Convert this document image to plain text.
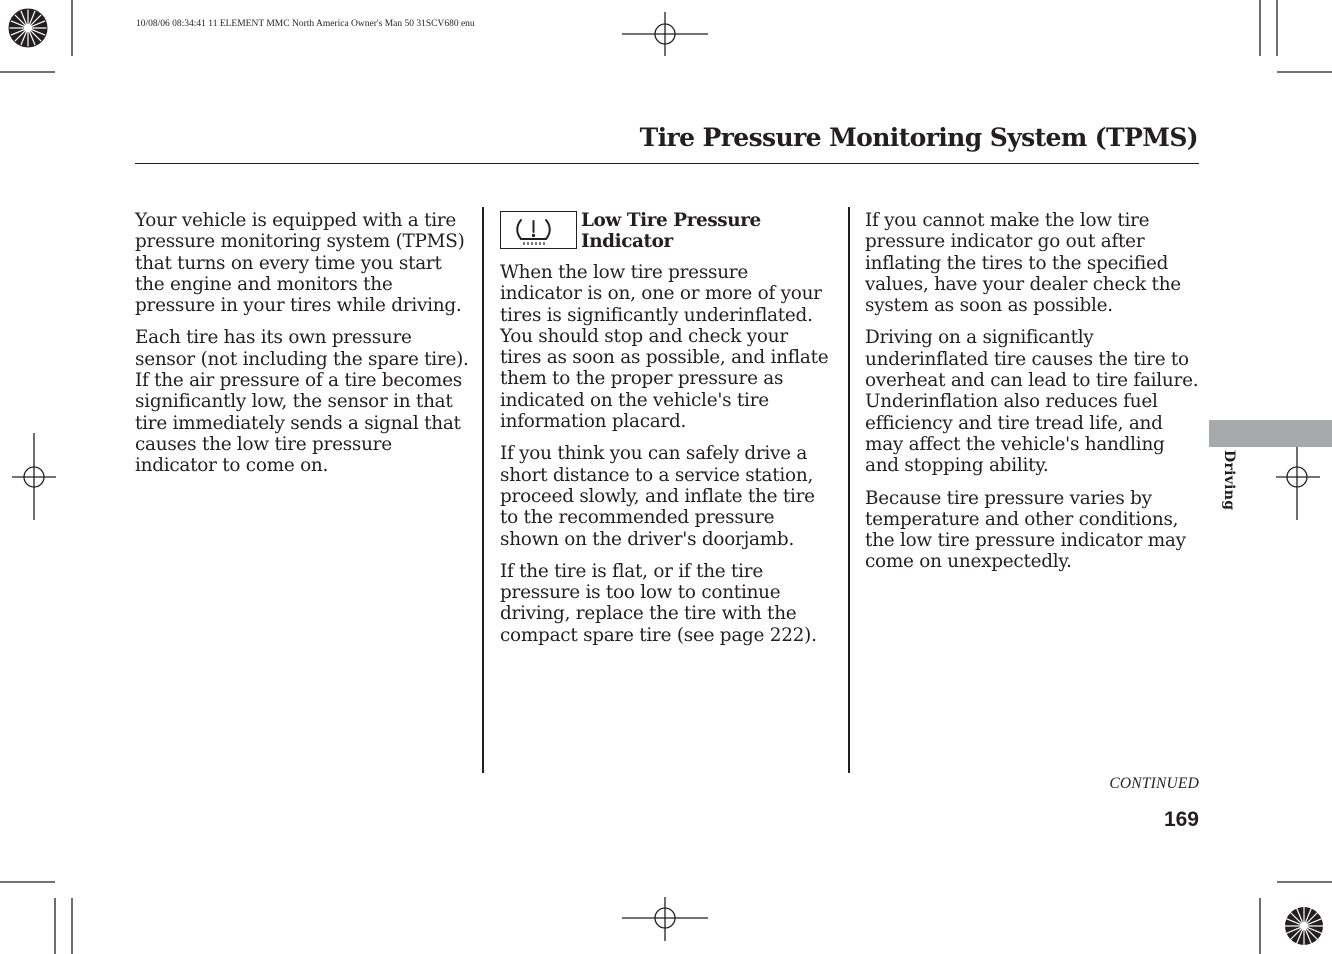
10/08/06 08:34:41 11 ELEMENT MMC North America Owner's Man 50 31SCV680 enu
Tire Pressure Monitoring System (TPMS)

Your vehicle is equipped with a tire pressure monitoring system (TPMS) that turns on every time you start the engine and monitors the pressure in your tires while driving.

Each tire has its own pressure sensor (not including the spare tire). If the air pressure of a tire becomes significantly low, the sensor in that tire immediately sends a signal that causes the low tire pressure indicator to come on.

Low Tire Pressure Indicator

When the low tire pressure indicator is on, one or more of your tires is significantly underinflated. You should stop and check your tires as soon as possible, and inflate them to the proper pressure as indicated on the vehicle's tire information placard.

If you think you can safely drive a short distance to a service station, proceed slowly, and inflate the tire to the recommended pressure shown on the driver's doorjamb.

If the tire is flat, or if the tire pressure is too low to continue driving, replace the tire with the compact spare tire (see page 222).

If you cannot make the low tire pressure indicator go out after inflating the tires to the specified values, have your dealer check the system as soon as possible.

Driving on a significantly underinflated tire causes the tire to overheat and can lead to tire failure. Underinflation also reduces fuel efficiency and tire tread life, and may affect the vehicle's handling and stopping ability.

Because tire pressure varies by temperature and other conditions, the low tire pressure indicator may come on unexpectedly.

Driving
CONTINUED
169
